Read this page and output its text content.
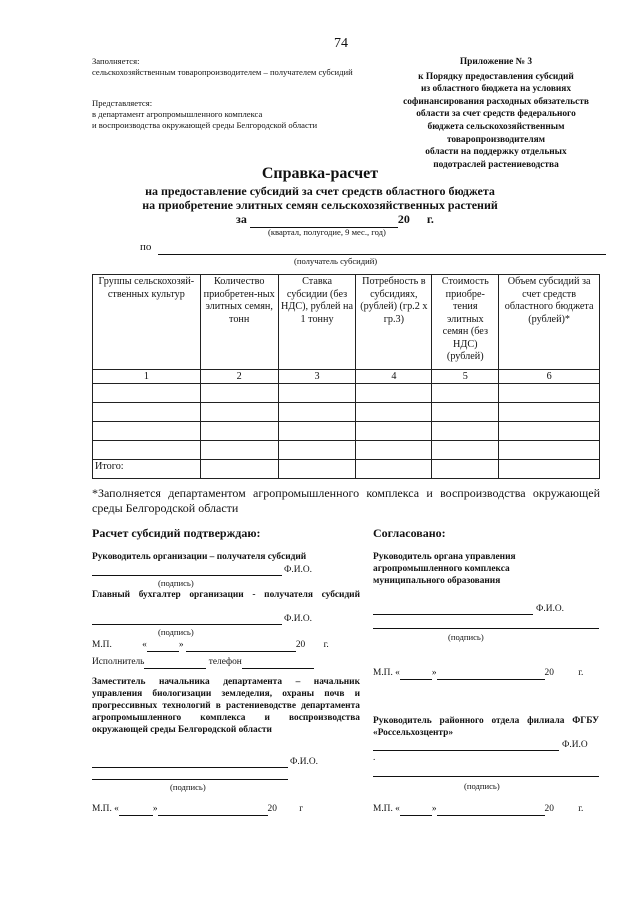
74
Заполняется:
сельскохозяйственным товаропроизводителем – получателем субсидий
Представляется:
в департамент агропромышленного комплекса
и воспроизводства окружающей среды Белгородской области
Приложение № 3
к Порядку предоставления субсидий
из областного бюджета на условиях
софинансирования расходных обязательств
области за счет средств федерального
бюджета сельскохозяйственным
товаропроизводителям
области на поддержку отдельных
подотраслей растениеводства
Справка-расчет
на предоставление субсидий за счет средств областного бюджета
на приобретение элитных семян сельскохозяйственных растений
за	20 г.
(квартал, полугодие, 9 мес., год)
по
(получатель субсидий)
Группы сельскохозяй-ственных культур	Количество приобретен-ных элитных семян, тонн	Ставка субсидии (без НДС), рублей на 1 тонну	Потребность в субсидиях, (рублей) (гр.2 х гр.3)	Стоимость приобре-тения элитных семян (без НДС) (рублей)	Объем субсидий за счет средств областного бюджета (рублей)*
1	2	3	4	5	6

Итого:					
*Заполняется департаментом агропромышленного комплекса и воспроизводства окружающей среды Белгородской области
Расчет субсидий подтверждаю:
Руководитель организации – получателя субсидий
Ф.И.О.
(подпись)
Главный бухгалтер организации - получателя субсидий
Ф.И.О.
(подпись)
М.П.	«	»	20 г.
Исполнитель	телефон
Заместитель начальника департамента – начальник управления биологизации земледелия, охраны почв и прогрессивных технологий в растениеводстве департамента агропромышленного комплекса и воспроизводства окружающей среды Белгородской области
Ф.И.О.
(подпись)
М.П. «	»	20 г
Согласовано:
Руководитель органа управления агропромышленного комплекса муниципального образования
Ф.И.О.
(подпись)
М.П. «	»	20	г.
Руководитель районного отдела филиала ФГБУ «Россельхозцентр»
Ф.И.О
.
(подпись)
М.П. «	»	20	г.
